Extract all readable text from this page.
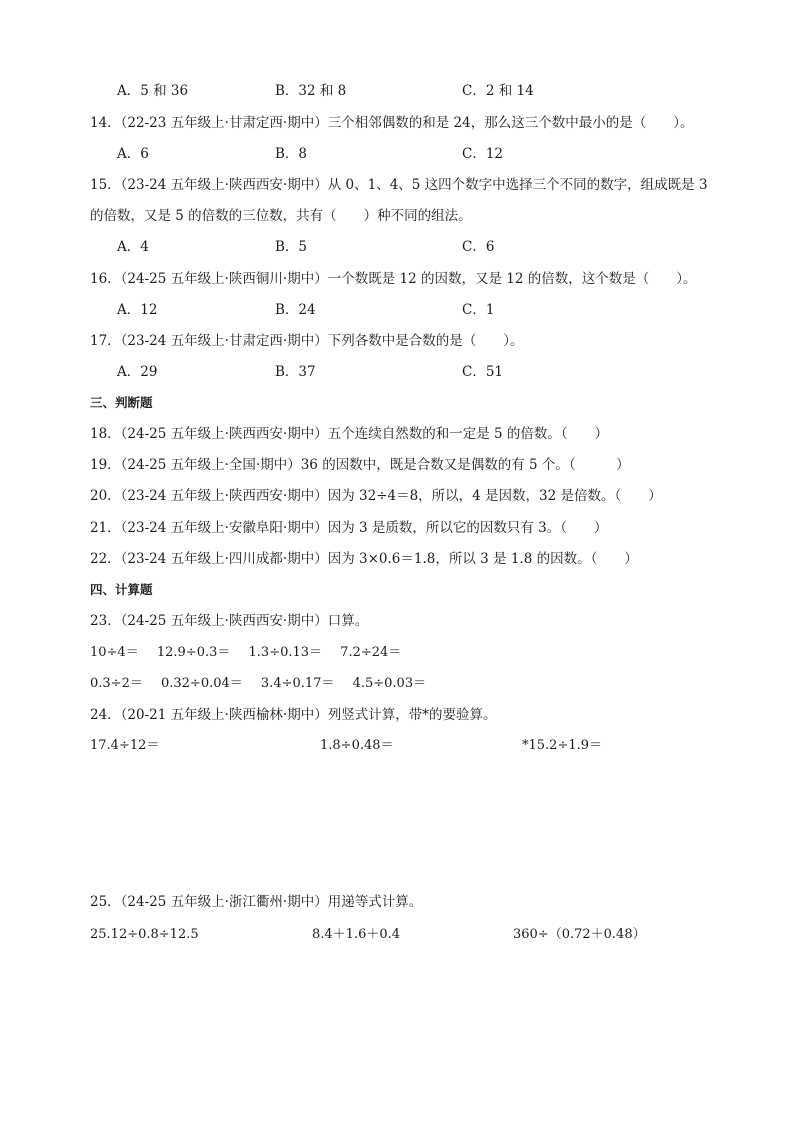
A．5 和 36	B．32 和 8	C．2 和 14
14．（22-23 五年级上·甘肃定西·期中）三个相邻偶数的和是 24，那么这三个数中最小的是（　　）。
A．6	B．8	C．12
15．（23-24 五年级上·陕西西安·期中）从 0、1、4、5 这四个数字中选择三个不同的数字，组成既是 3
的倍数，又是 5 的倍数的三位数，共有（　　）种不同的组法。
A．4	B．5	C．6
16．（24-25 五年级上·陕西铜川·期中）一个数既是 12 的因数，又是 12 的倍数，这个数是（　　）。
A．12	B．24	C．1
17．（23-24 五年级上·甘肃定西·期中）下列各数中是合数的是（　　）。
A．29	B．37	C．51
三、判断题
18．（24-25 五年级上·陕西西安·期中）五个连续自然数的和一定是 5 的倍数。（　　）
19．（24-25 五年级上·全国·期中）36 的因数中，既是合数又是偶数的有 5 个。（　　　）
20．（23-24 五年级上·陕西西安·期中）因为 32÷4＝8，所以，4 是因数，32 是倍数。（　　）
21．（23-24 五年级上·安徽阜阳·期中）因为 3 是质数，所以它的因数只有 3。（　　）
22．（23-24 五年级上·四川成都·期中）因为 3×0.6＝1.8，所以 3 是 1.8 的因数。（　　）
四、计算题
23．（24-25 五年级上·陕西西安·期中）口算。
10÷4＝ 12.9÷0.3＝ 1.3÷0.13＝ 7.2÷24＝
0.3÷2＝ 0.32÷0.04＝ 3.4÷0.17＝ 4.5÷0.03＝
24．（20-21 五年级上·陕西榆林·期中）列竖式计算，带*的要验算。
17.4÷12＝	1.8÷0.48＝	*15.2÷1.9＝
25．（24-25 五年级上·浙江衢州·期中）用递等式计算。
25.12÷0.8÷12.5	8.4＋1.6＋0.4	360÷（0.72＋0.48）
